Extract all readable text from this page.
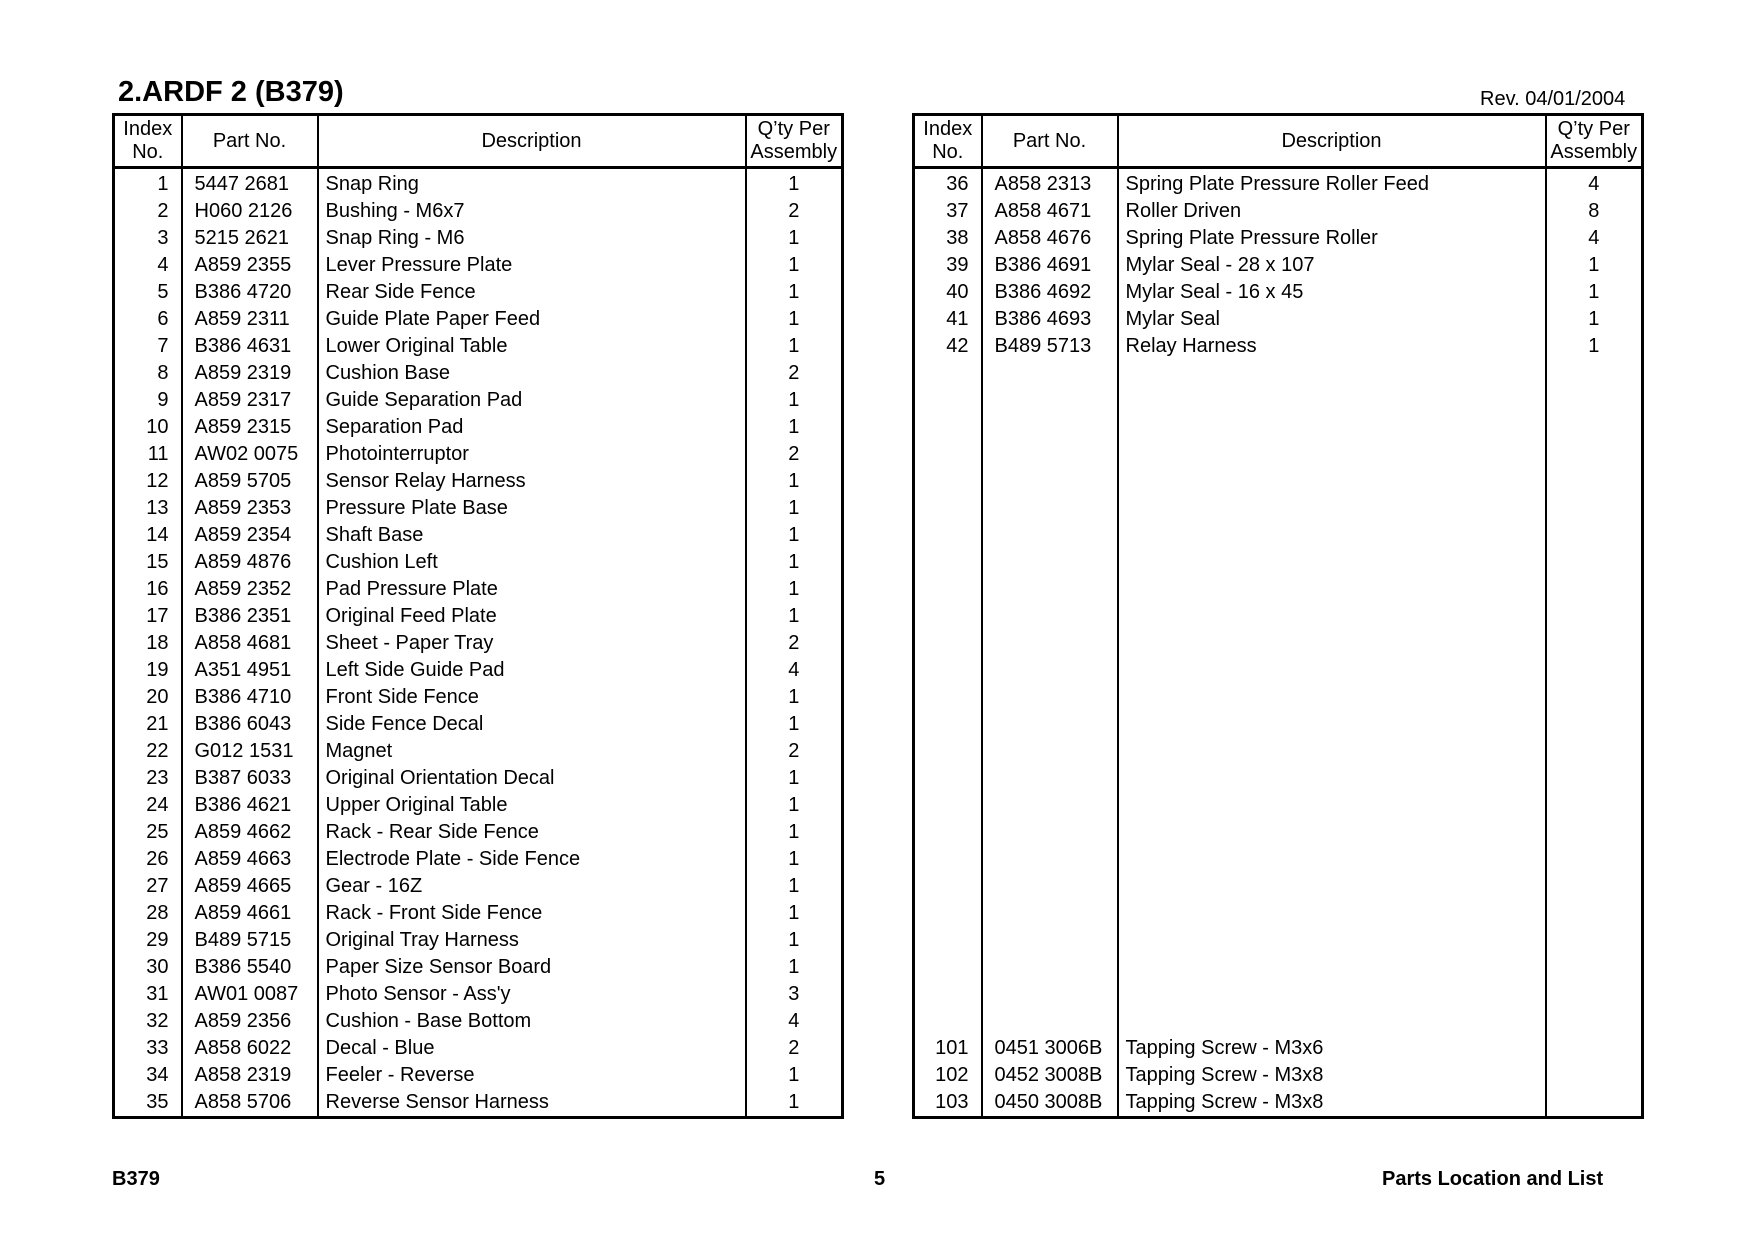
2.ARDF 2 (B379)	Rev. 04/01/2004
Index
No.	Part No.	Description	Q’ty Per
Assembly
1	5447 2681	Snap Ring	1
2	H060 2126	Bushing - M6x7	2
3	5215 2621	Snap Ring - M6	1
4	A859 2355	Lever Pressure Plate	1
5	B386 4720	Rear Side Fence	1
6	A859 2311	Guide Plate Paper Feed	1
7	B386 4631	Lower Original Table	1
8	A859 2319	Cushion Base	2
9	A859 2317	Guide Separation Pad	1
10	A859 2315	Separation Pad	1
11	AW02 0075	Photointerruptor	2
12	A859 5705	Sensor Relay Harness	1
13	A859 2353	Pressure Plate Base	1
14	A859 2354	Shaft Base	1
15	A859 4876	Cushion Left	1
16	A859 2352	Pad Pressure Plate	1
17	B386 2351	Original Feed Plate	1
18	A858 4681	Sheet - Paper Tray	2
19	A351 4951	Left Side Guide Pad	4
20	B386 4710	Front Side Fence	1
21	B386 6043	Side Fence Decal	1
22	G012 1531	Magnet	2
23	B387 6033	Original Orientation Decal	1
24	B386 4621	Upper Original Table	1
25	A859 4662	Rack - Rear Side Fence	1
26	A859 4663	Electrode Plate - Side Fence	1
27	A859 4665	Gear - 16Z	1
28	A859 4661	Rack - Front Side Fence	1
29	B489 5715	Original Tray Harness	1
30	B386 5540	Paper Size Sensor Board	1
31	AW01 0087	Photo Sensor - Ass'y	3
32	A859 2356	Cushion - Base Bottom	4
33	A858 6022	Decal - Blue	2
34	A858 2319	Feeler - Reverse	1
35	A858 5706	Reverse Sensor Harness	1
Index
No.	Part No.	Description	Q’ty Per
Assembly
36	A858 2313	Spring Plate Pressure Roller Feed	4
37	A858 4671	Roller Driven	8
38	A858 4676	Spring Plate Pressure Roller	4
39	B386 4691	Mylar Seal - 28 x 107	1
40	B386 4692	Mylar Seal - 16 x 45	1
41	B386 4693	Mylar Seal	1
42	B489 5713	Relay Harness	1

101	0451 3006B	Tapping Screw - M3x6	
102	0452 3008B	Tapping Screw - M3x8	
103	0450 3008B	Tapping Screw - M3x8	
B379	5	Parts Location and List
